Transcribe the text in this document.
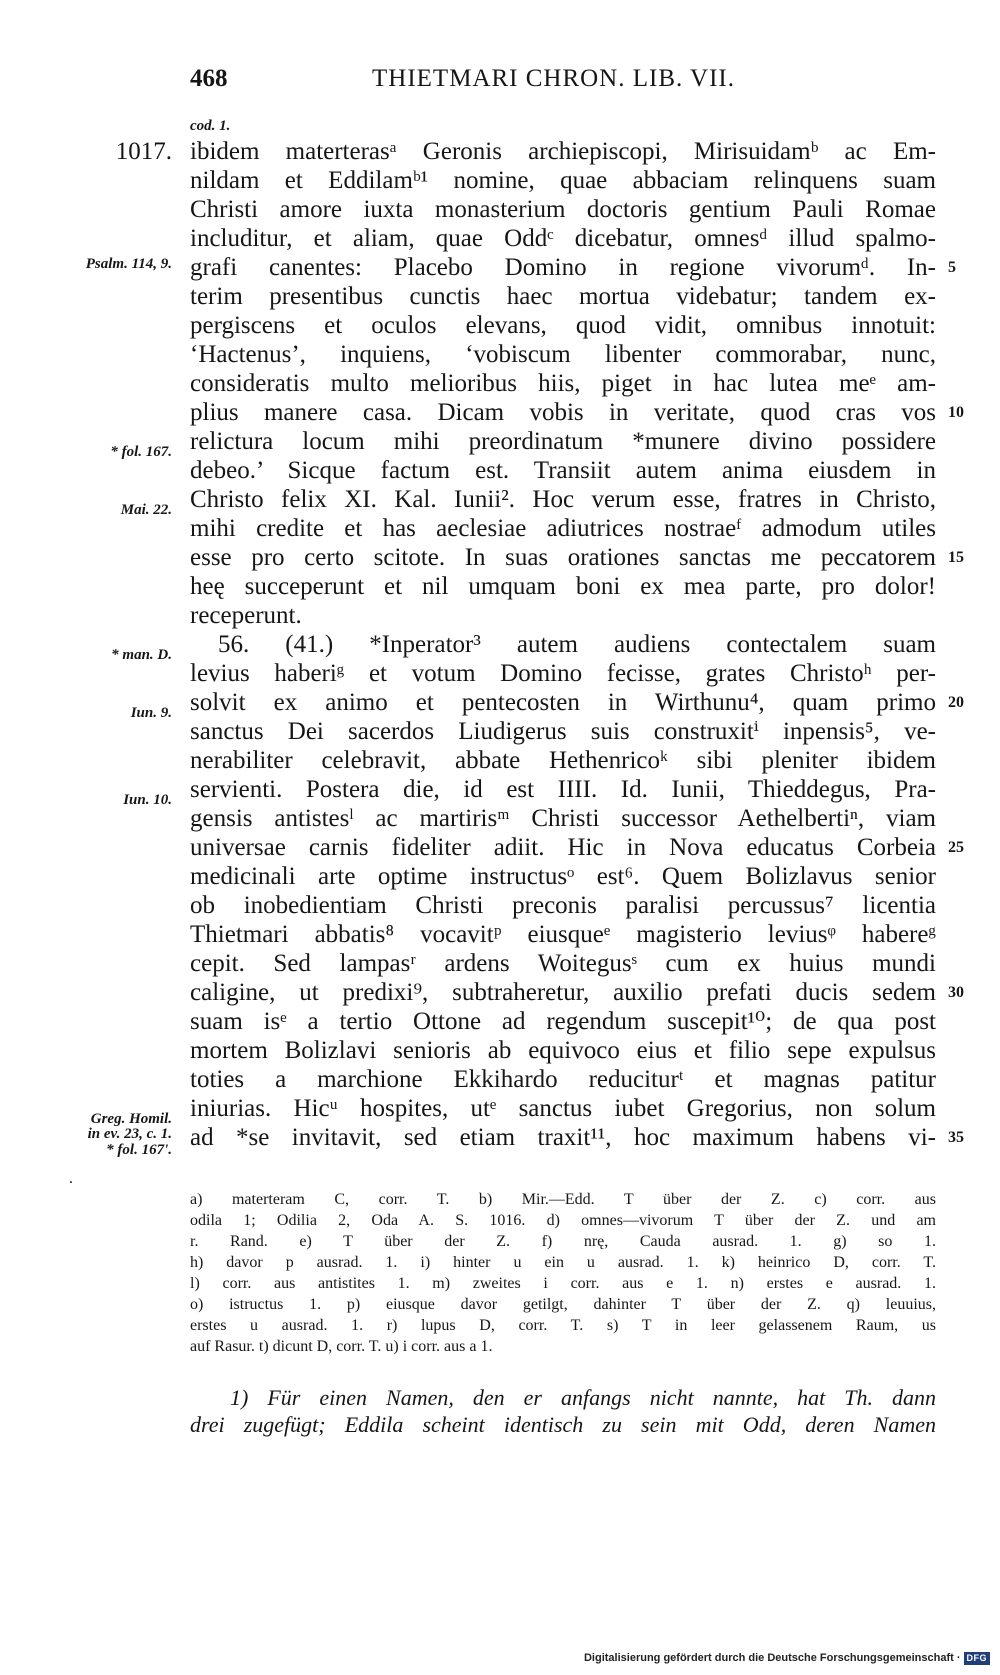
468	THIETMARI CHRON. LIB. VII.
cod. 1.
1017.
Psalm. 114, 9.
* fol. 167.
Mai. 22.
* man. D.
Iun. 9.
Iun. 10.
Greg. Homil.
in ev. 23, c. 1.
* fol. 167'.
ibidem materterasᵃ Geronis archiepiscopi, Mirisuidamᵇ ac Em-
nildam et Eddilamᵇ¹ nomine, quae abbaciam relinquens suam
Christi amore iuxta monasterium doctoris gentium Pauli Romae
includitur, et aliam, quae Oddᶜ dicebatur, omnesᵈ illud spalmo-
grafi canentes: Placebo Domino in regione vivorumᵈ. In-
terim presentibus cunctis haec mortua videbatur; tandem ex-
pergiscens et oculos elevans, quod vidit, omnibus innotuit:
‘Hactenus’, inquiens, ‘vobiscum libenter commorabar, nunc,
consideratis multo melioribus hiis, piget in hac lutea meᵉ am-
plius manere casa. Dicam vobis in veritate, quod cras vos
relictura locum mihi preordinatum *munere divino possidere
debeo.’ Sicque factum est. Transiit autem anima eiusdem in
Christo felix XI. Kal. Iunii². Hoc verum esse, fratres in Christo,
mihi credite et has aeclesiae adiutrices nostraeᶠ admodum utiles
esse pro certo scitote. In suas orationes sanctas me peccatorem
heę succeperunt et nil umquam boni ex mea parte, pro dolor!
receperunt.
56. (41.) *Inperator³ autem audiens contectalem suam
levius haberiᵍ et votum Domino fecisse, grates Christoʰ per-
solvit ex animo et pentecosten in Wirthunu⁴, quam primo
sanctus Dei sacerdos Liudigerus suis construxitⁱ inpensis⁵, ve-
nerabiliter celebravit, abbate Hethenricoᵏ sibi pleniter ibidem
servienti. Postera die, id est IIII. Id. Iunii, Thieddegus, Pra-
gensis antistesˡ ac martirisᵐ Christi successor Aethelbertiⁿ, viam
universae carnis fideliter adiit. Hic in Nova educatus Corbeia
medicinali arte optime instructusᵒ est⁶. Quem Bolizlavus senior
ob inobedientiam Christi preconis paralisi percussus⁷ licentia
Thietmari abbatis⁸ vocavitᵖ eiusqueᵉ magisterio leviusᵠ habereᵍ
cepit. Sed lampasʳ ardens Woitegusˢ cum ex huius mundi
caligine, ut predixi⁹, subtraheretur, auxilio prefati ducis sedem
suam isᵉ a tertio Ottone ad regendum suscepit¹⁰; de qua post
mortem Bolizlavi senioris ab equivoco eius et filio sepe expulsus
toties a marchione Ekkihardo reduciturᵗ et magnas patitur
iniurias. Hicᵘ hospites, utᵉ sanctus iubet Gregorius, non solum
ad *se invitavit, sed etiam traxit¹¹, hoc maximum habens vi-
5
10
15
20
25
30
35
˙
a) materteram C, corr. T. b) Mir.—Edd. T über der Z. c) corr. aus
odila 1; Odilia 2, Oda A. S. 1016. d) omnes—vivorum T über der Z. und am
r. Rand. e) T über der Z. f) nrę, Cauda ausrad. 1. g) so 1.
h) davor p ausrad. 1. i) hinter u ein u ausrad. 1. k) heinrico D, corr. T.
l) corr. aus antistites 1. m) zweites i corr. aus e 1. n) erstes e ausrad. 1.
o) istructus 1. p) eiusque davor getilgt, dahinter T über der Z. q) leuuius,
erstes u ausrad. 1. r) lupus D, corr. T. s) T in leer gelassenem Raum, us
auf Rasur. t) dicunt D, corr. T. u) i corr. aus a 1.
1) Für einen Namen, den er anfangs nicht nannte, hat Th. dann
drei zugefügt; Eddila scheint identisch zu sein mit Odd, deren Namen
Digitalisierung gefördert durch die Deutsche Forschungsgemeinschaft · DFG
